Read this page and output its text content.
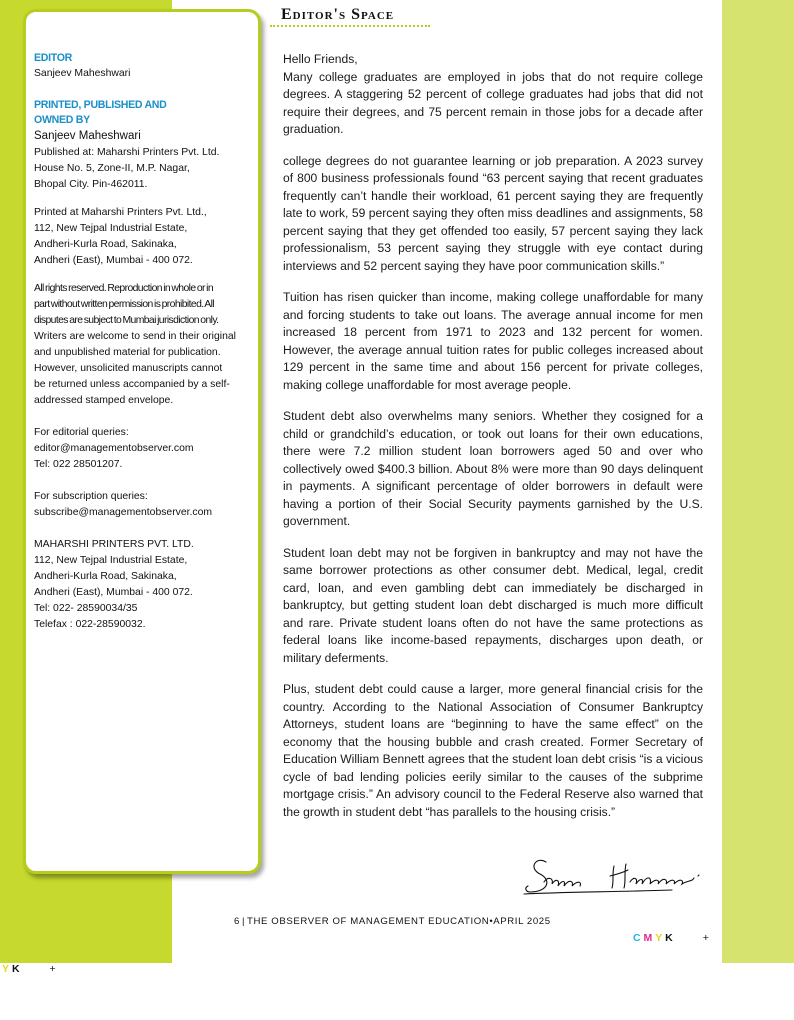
Editor's Space
EDITOR
Sanjeev Maheshwari
PRINTED, PUBLISHED AND
OWNED BY
Sanjeev Maheshwari
Published at: Maharshi Printers Pvt. Ltd.
House No. 5, Zone-II, M.P. Nagar,
Bhopal City. Pin-462011.
Printed at Maharshi Printers Pvt. Ltd.,
112, New Tejpal Industrial Estate,
Andheri-Kurla Road, Sakinaka,
Andheri (East), Mumbai - 400 072.
All rights reserved. Reproduction in whole or in
part without written permission is prohibited. All
disputes are subject to Mumbai jurisdiction only.
Writers are welcome to send in their original
and unpublished material for publication.
However, unsolicited manuscripts cannot
be returned unless accompanied by a self-
addressed stamped envelope.
For editorial queries:
editor@managementobserver.com
Tel: 022 28501207.
For subscription queries:
subscribe@managementobserver.com
MAHARSHI PRINTERS PVT. LTD.
112, New Tejpal Industrial Estate,
Andheri-Kurla Road, Sakinaka,
Andheri (East), Mumbai - 400 072.
Tel: 022- 28590034/35
Telefax : 022-28590032.

Hello Friends,

Many college graduates are employed in jobs that do not require college degrees. A staggering 52 percent of college graduates had jobs that did not require their degrees, and 75 percent remain in those jobs for a decade after graduation.

college degrees do not guarantee learning or job preparation. A 2023 survey of 800 business professionals found “63 percent saying that recent graduates frequently can’t handle their workload, 61 percent saying they are frequently late to work, 59 percent saying they often miss deadlines and assignments, 58 percent saying that they get offended too easily, 57 percent saying they lack professionalism, 53 percent saying they struggle with eye contact during interviews and 52 percent saying they have poor communication skills.”

Tuition has risen quicker than income, making college unaffordable for many and forcing students to take out loans. The average annual income for men increased 18 percent from 1971 to 2023 and 132 percent for women. However, the average annual tuition rates for public colleges increased about 129 percent in the same time and about 156 percent for private colleges, making college unaffordable for most average people.

Student debt also overwhelms many seniors. Whether they cosigned for a child or grandchild’s education, or took out loans for their own educations, there were 7.2 million student loan borrowers aged 50 and over who collectively owed $400.3 billion. About 8% were more than 90 days delinquent in payments. A significant percentage of older borrowers in default were having a portion of their Social Security payments garnished by the U.S. government.

Student loan debt may not be forgiven in bankruptcy and may not have the same borrower protections as other consumer debt. Medical, legal, credit card, loan, and even gambling debt can immediately be discharged in bankruptcy, but getting student loan debt discharged is much more difficult and rare. Private student loans often do not have the same protections as federal loans like income-based repayments, discharges upon death, or military deferments.

Plus, student debt could cause a larger, more general financial crisis for the country. According to the National Association of Consumer Bankruptcy Attorneys, student loans are “beginning to have the same effect” on the economy that the housing bubble and crash created. Former Secretary of Education William Bennett agrees that the student loan debt crisis “is a vicious cycle of bad lending policies eerily similar to the causes of the subprime mortgage crisis.” An advisory council to the Federal Reserve also warned that the growth in student debt “has parallels to the housing crisis.”

6 | THE OBSERVER OF MANAGEMENT EDUCATION•APRIL 2025
C M Y K	+
Y K	+
